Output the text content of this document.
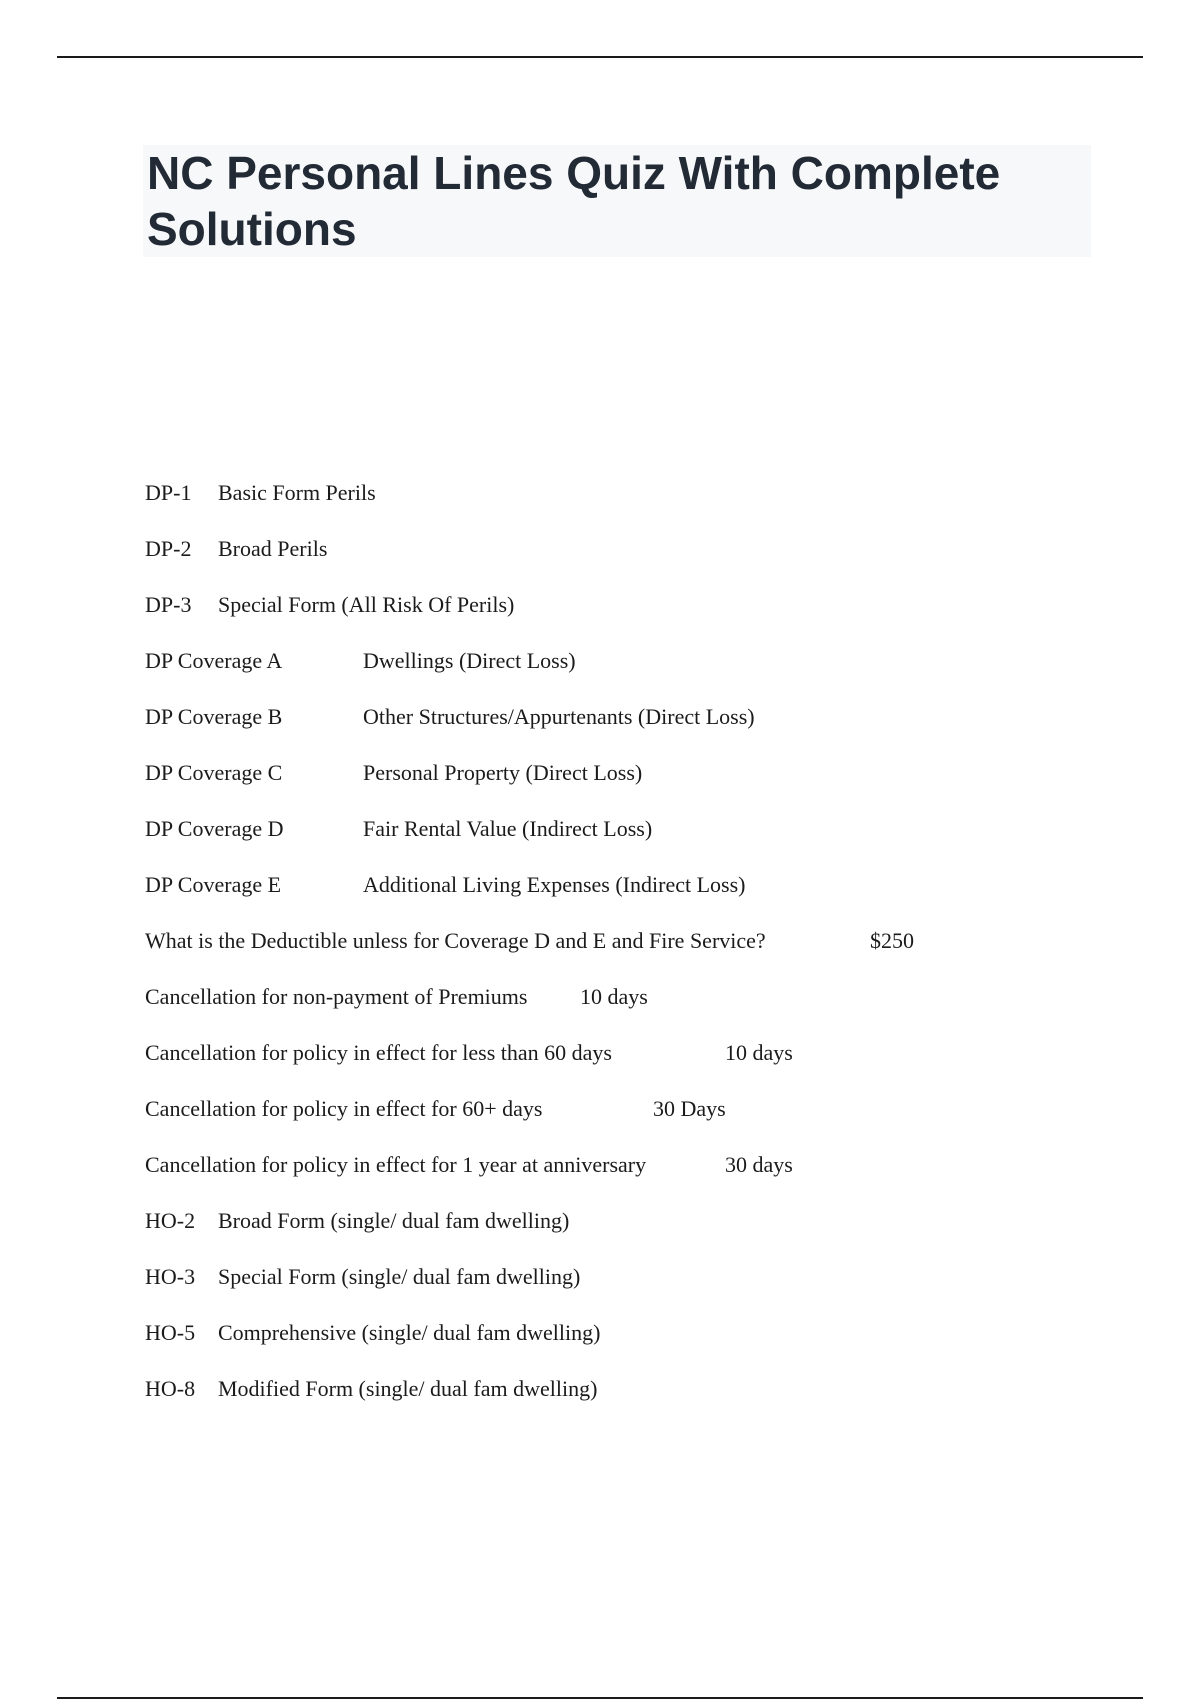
NC Personal Lines Quiz With Complete Solutions
DP-1 Basic Form Perils
DP-2 Broad Perils
DP-3 Special Form (All Risk Of Perils)
DP Coverage A	Dwellings (Direct Loss)
DP Coverage B	Other Structures/Appurtenants (Direct Loss)
DP Coverage C	Personal Property (Direct Loss)
DP Coverage D	Fair Rental Value (Indirect Loss)
DP Coverage E	Additional Living Expenses (Indirect Loss)
What is the Deductible unless for Coverage D and E and Fire Service?	$250
Cancellation for non-payment of Premiums 10 days
Cancellation for policy in effect for less than 60 days	10 days
Cancellation for policy in effect for 60+ days	30 Days
Cancellation for policy in effect for 1 year at anniversary	30 days
HO-2 Broad Form (single/ dual fam dwelling)
HO-3 Special Form (single/ dual fam dwelling)
HO-5 Comprehensive (single/ dual fam dwelling)
HO-8 Modified Form (single/ dual fam dwelling)
